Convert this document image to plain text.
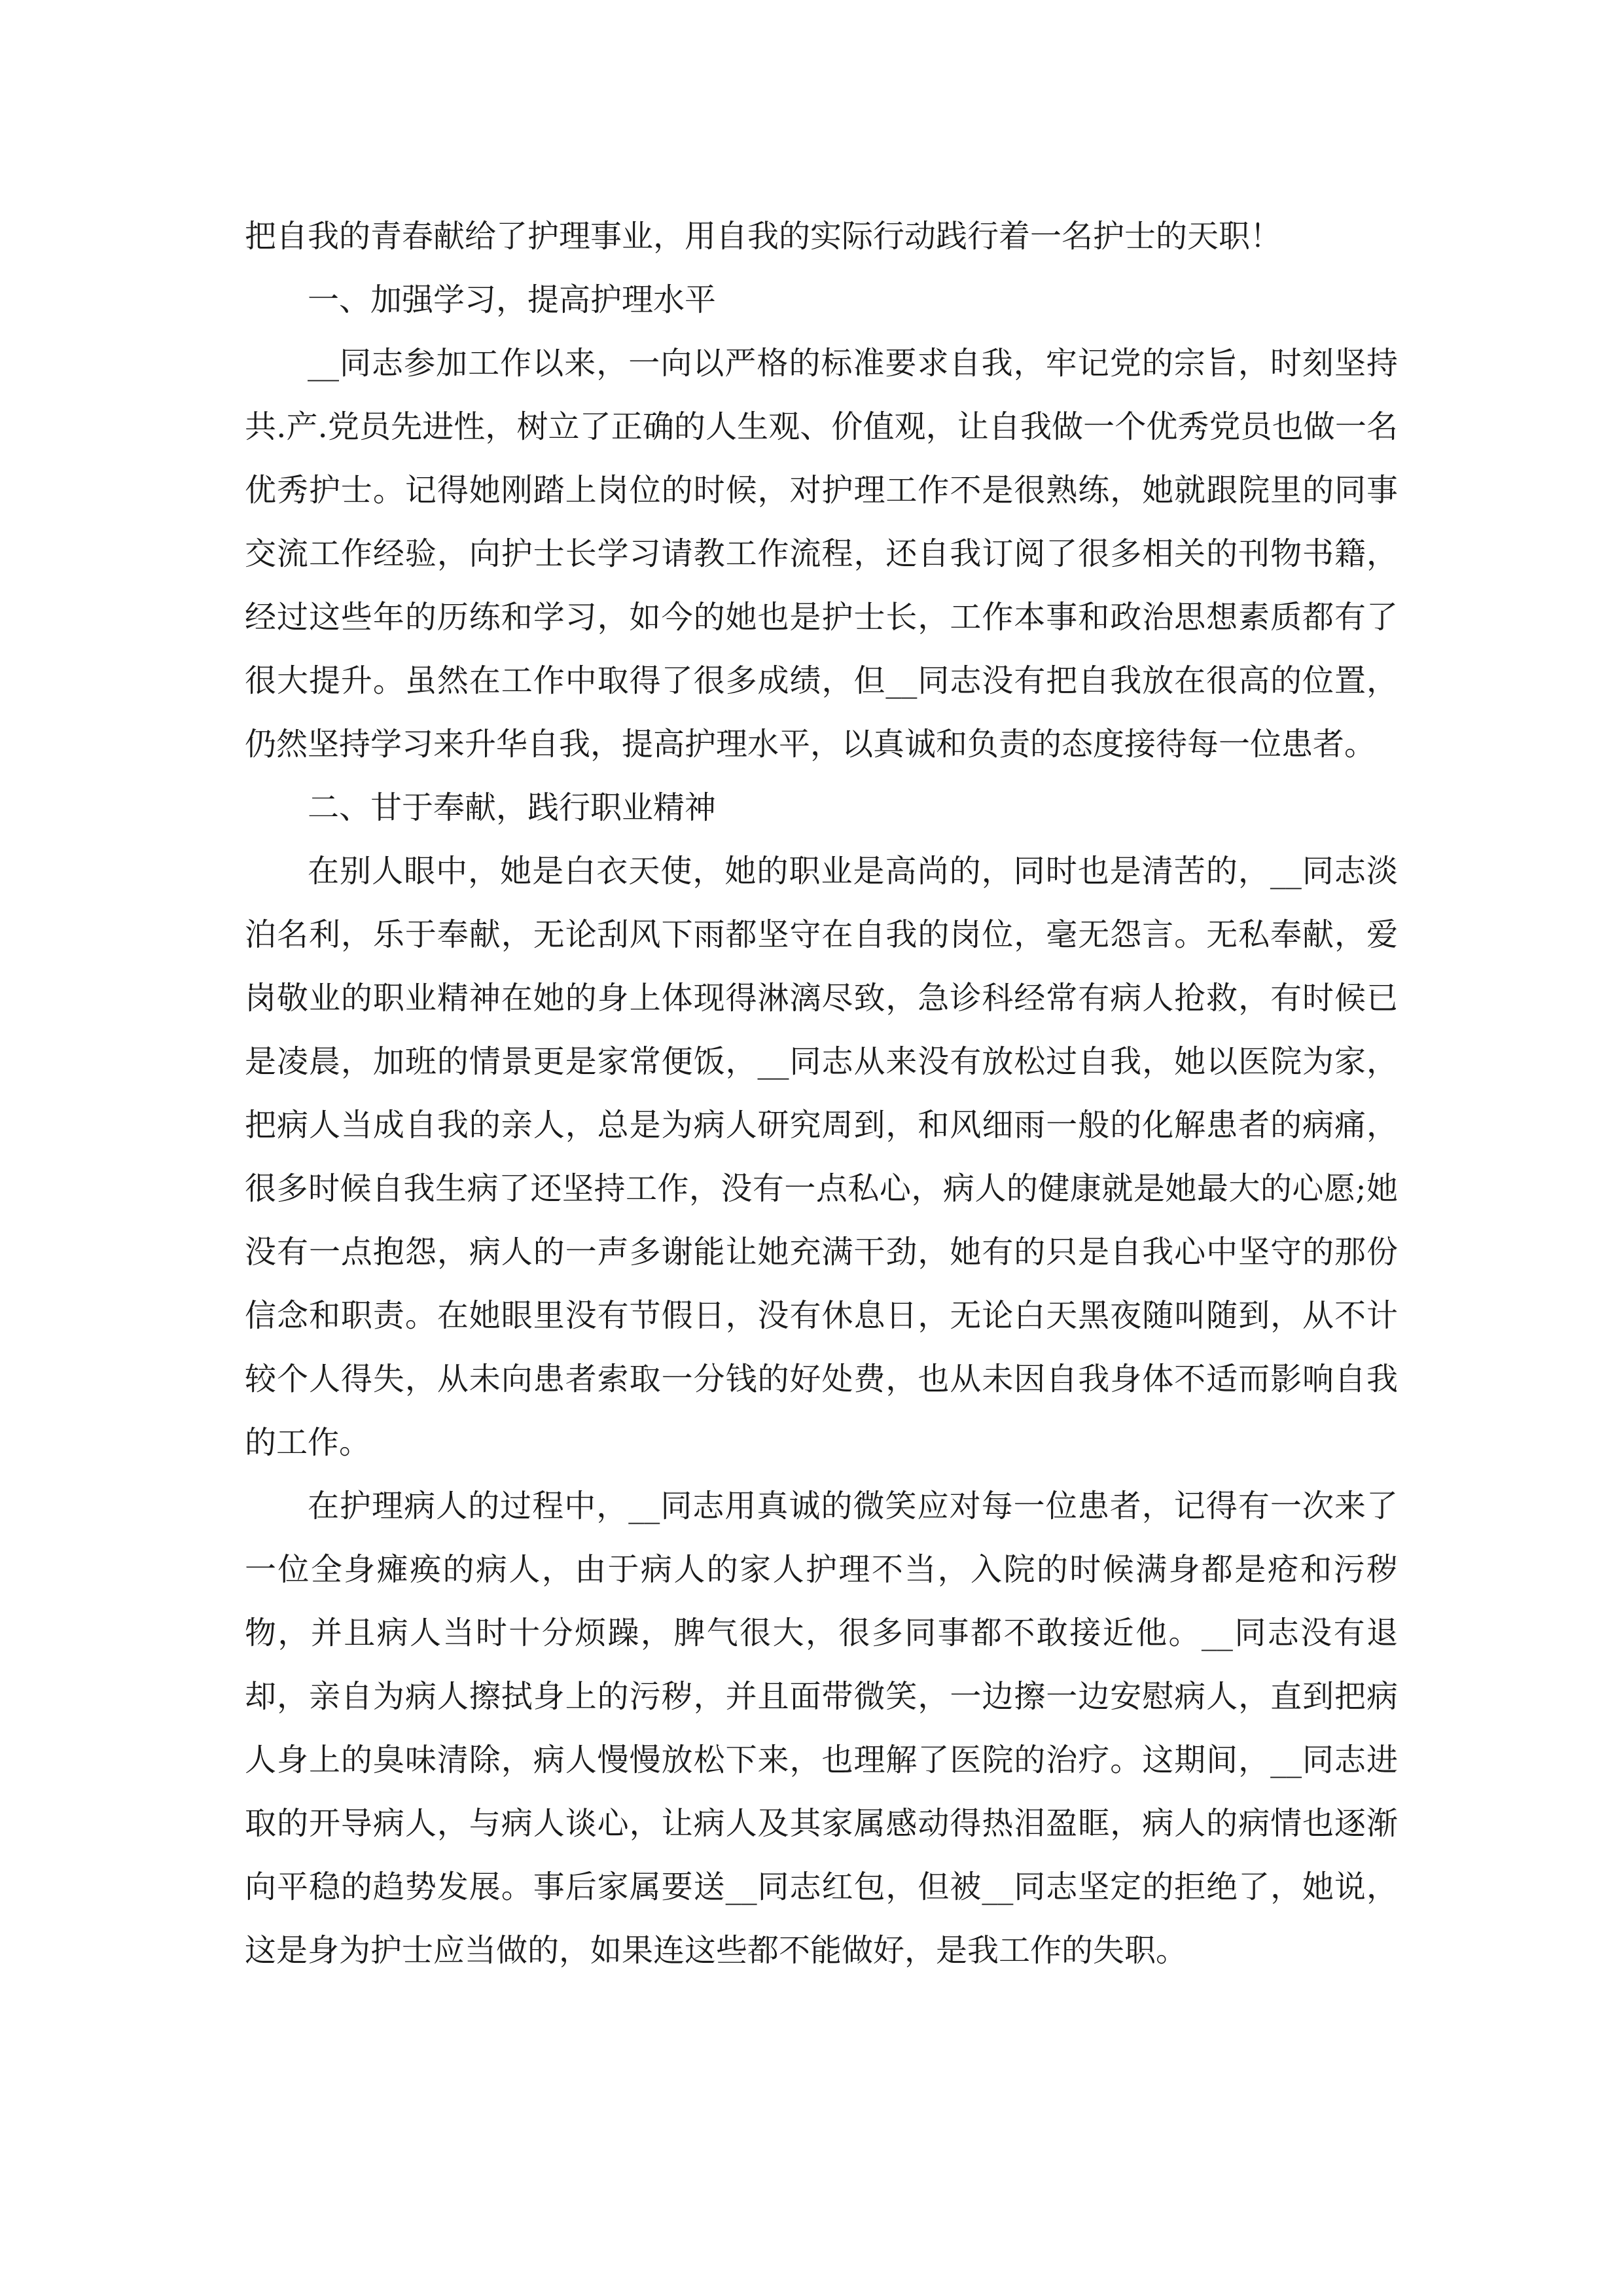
把自我的青春献给了护理事业，用自我的实际行动践行着一名护士的天职！

一、加强学习，提高护理水平

__同志参加工作以来，一向以严格的标准要求自我，牢记党的宗旨，时刻坚持共.产.党员先进性，树立了正确的人生观、价值观，让自我做一个优秀党员也做一名优秀护士。记得她刚踏上岗位的时候，对护理工作不是很熟练，她就跟院里的同事交流工作经验，向护士长学习请教工作流程，还自我订阅了很多相关的刊物书籍，经过这些年的历练和学习，如今的她也是护士长，工作本事和政治思想素质都有了很大提升。虽然在工作中取得了很多成绩，但__同志没有把自我放在很高的位置，仍然坚持学习来升华自我，提高护理水平，以真诚和负责的态度接待每一位患者。

二、甘于奉献，践行职业精神

在别人眼中，她是白衣天使，她的职业是高尚的，同时也是清苦的，__同志淡泊名利，乐于奉献，无论刮风下雨都坚守在自我的岗位，毫无怨言。无私奉献，爱岗敬业的职业精神在她的身上体现得淋漓尽致，急诊科经常有病人抢救，有时候已是凌晨，加班的情景更是家常便饭，__同志从来没有放松过自我，她以医院为家，把病人当成自我的亲人，总是为病人研究周到，和风细雨一般的化解患者的病痛，很多时候自我生病了还坚持工作，没有一点私心，病人的健康就是她最大的心愿;她没有一点抱怨，病人的一声多谢能让她充满干劲，她有的只是自我心中坚守的那份信念和职责。在她眼里没有节假日，没有休息日，无论白天黑夜随叫随到，从不计较个人得失，从未向患者索取一分钱的好处费，也从未因自我身体不适而影响自我的工作。

在护理病人的过程中，__同志用真诚的微笑应对每一位患者，记得有一次来了一位全身瘫痪的病人，由于病人的家人护理不当，入院的时候满身都是疮和污秽物，并且病人当时十分烦躁，脾气很大，很多同事都不敢接近他。__同志没有退却，亲自为病人擦拭身上的污秽，并且面带微笑，一边擦一边安慰病人，直到把病人身上的臭味清除，病人慢慢放松下来，也理解了医院的治疗。这期间，__同志进取的开导病人，与病人谈心，让病人及其家属感动得热泪盈眶，病人的病情也逐渐向平稳的趋势发展。事后家属要送__同志红包，但被__同志坚定的拒绝了，她说，这是身为护士应当做的，如果连这些都不能做好，是我工作的失职。
